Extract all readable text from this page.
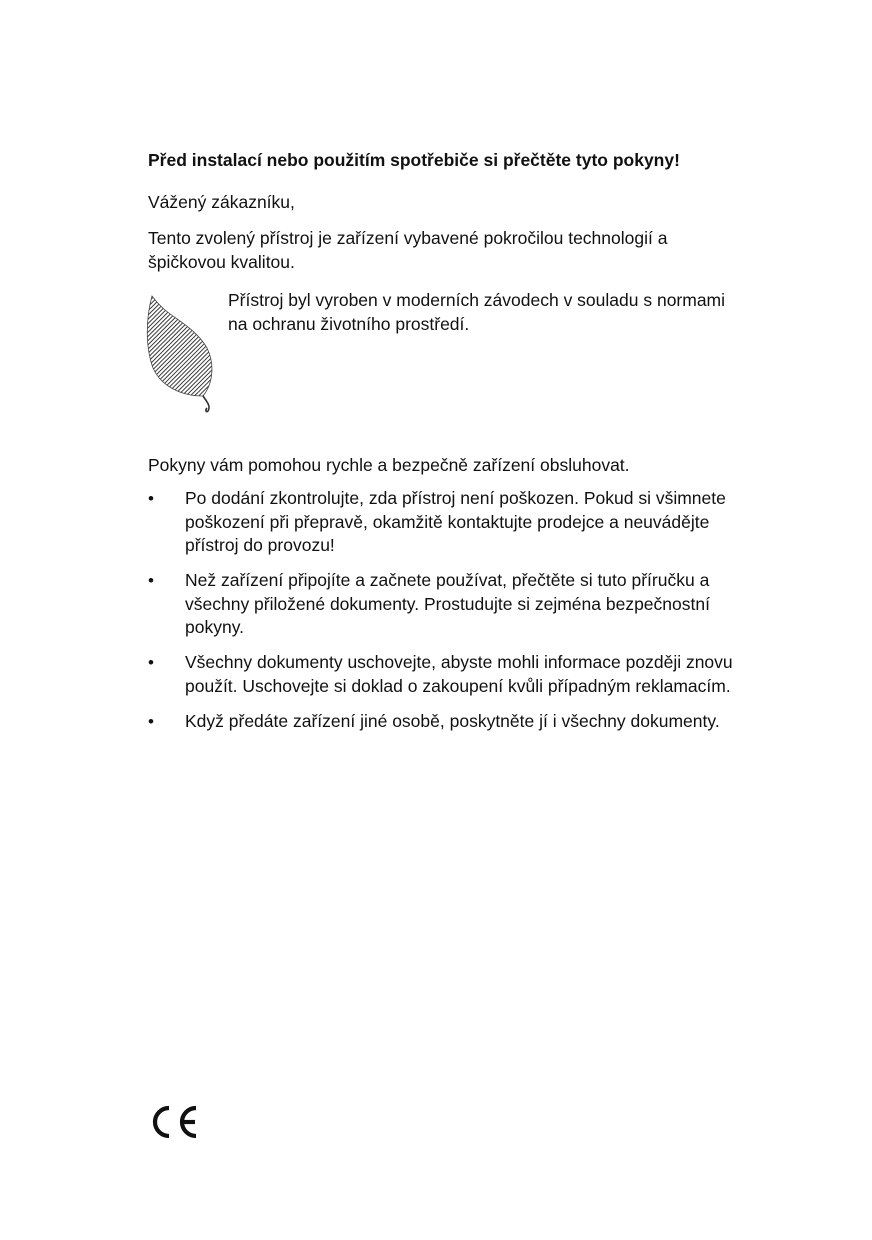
Před instalací nebo použitím spotřebiče si přečtěte tyto pokyny!

Vážený zákazníku,

Tento zvolený přístroj je zařízení vybavené pokročilou technologií a špičkovou kvalitou.

Přístroj byl vyroben v moderních závodech v souladu s normami na ochranu životního prostředí.

Pokyny vám pomohou rychle a bezpečně zařízení obsluhovat.

•	Po dodání zkontrolujte, zda přístroj není poškozen. Pokud si všimnete poškození při přepravě, okamžitě kontaktujte prodejce a neuvádějte přístroj do provozu!
•	Než zařízení připojíte a začnete používat, přečtěte si tuto příručku a všechny přiložené dokumenty. Prostudujte si zejména bezpečnostní pokyny.
•	Všechny dokumenty uschovejte, abyste mohli informace později znovu použít. Uschovejte si doklad o zakoupení kvůli případným reklamacím.
•	Když předáte zařízení jiné osobě, poskytněte jí i všechny dokumenty.
